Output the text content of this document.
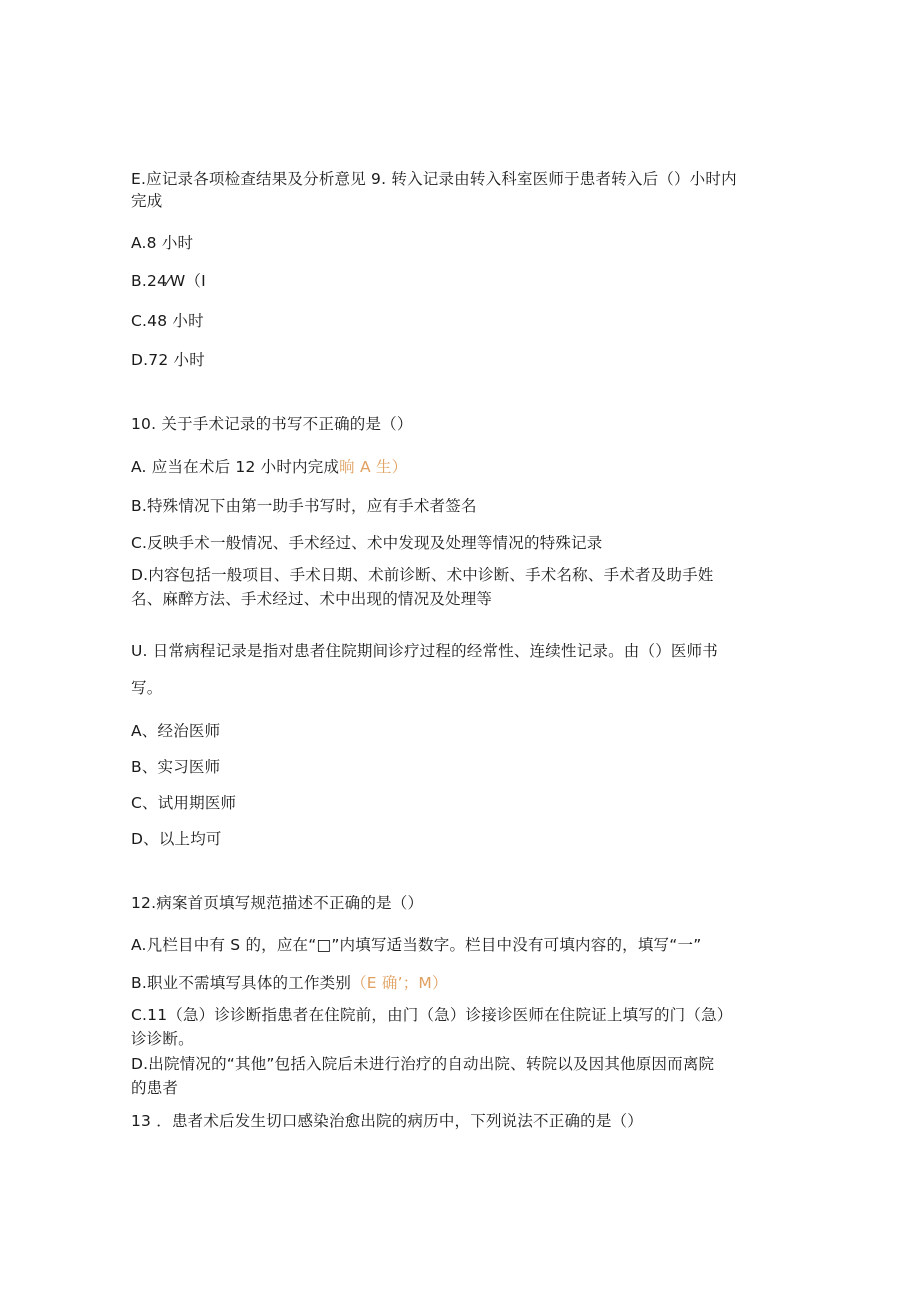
E.应记录各项检查结果及分析意见 9. 转入记录由转入科室医师于患者转入后（）小时内
完成
A.8 小时
B.24⁄W（I
C.48 小时
D.72 小时
10. 关于手术记录的书写不正确的是（）
A. 应当在术后 12 小时内完成晌 A 生）
B.特殊情况下由第一助手书写时，应有手术者签名
C.反映手术一般情况、手术经过、术中发现及处理等情况的特殊记录
D.内容包括一般项目、手术日期、术前诊断、术中诊断、手术名称、手术者及助手姓
名、麻醉方法、手术经过、术中出现的情况及处理等
U. 日常病程记录是指对患者住院期间诊疗过程的经常性、连续性记录。由（）医师书
写。
A、经治医师
B、实习医师
C、试用期医师
D、以上均可
12.病案首页填写规范描述不正确的是（）
A.凡栏目中有 S 的，应在“□”内填写适当数字。栏目中没有可填内容的，填写“一”
B.职业不需填写具体的工作类别（E 确’；M）
C.11（急）诊诊断指患者在住院前，由门（急）诊接诊医师在住院证上填写的门（急）
诊诊断。
D.出院情况的“其他”包括入院后未进行治疗的自动出院、转院以及因其他原因而离院
的患者
13 ．患者术后发生切口感染治愈出院的病历中，下列说法不正确的是（）
